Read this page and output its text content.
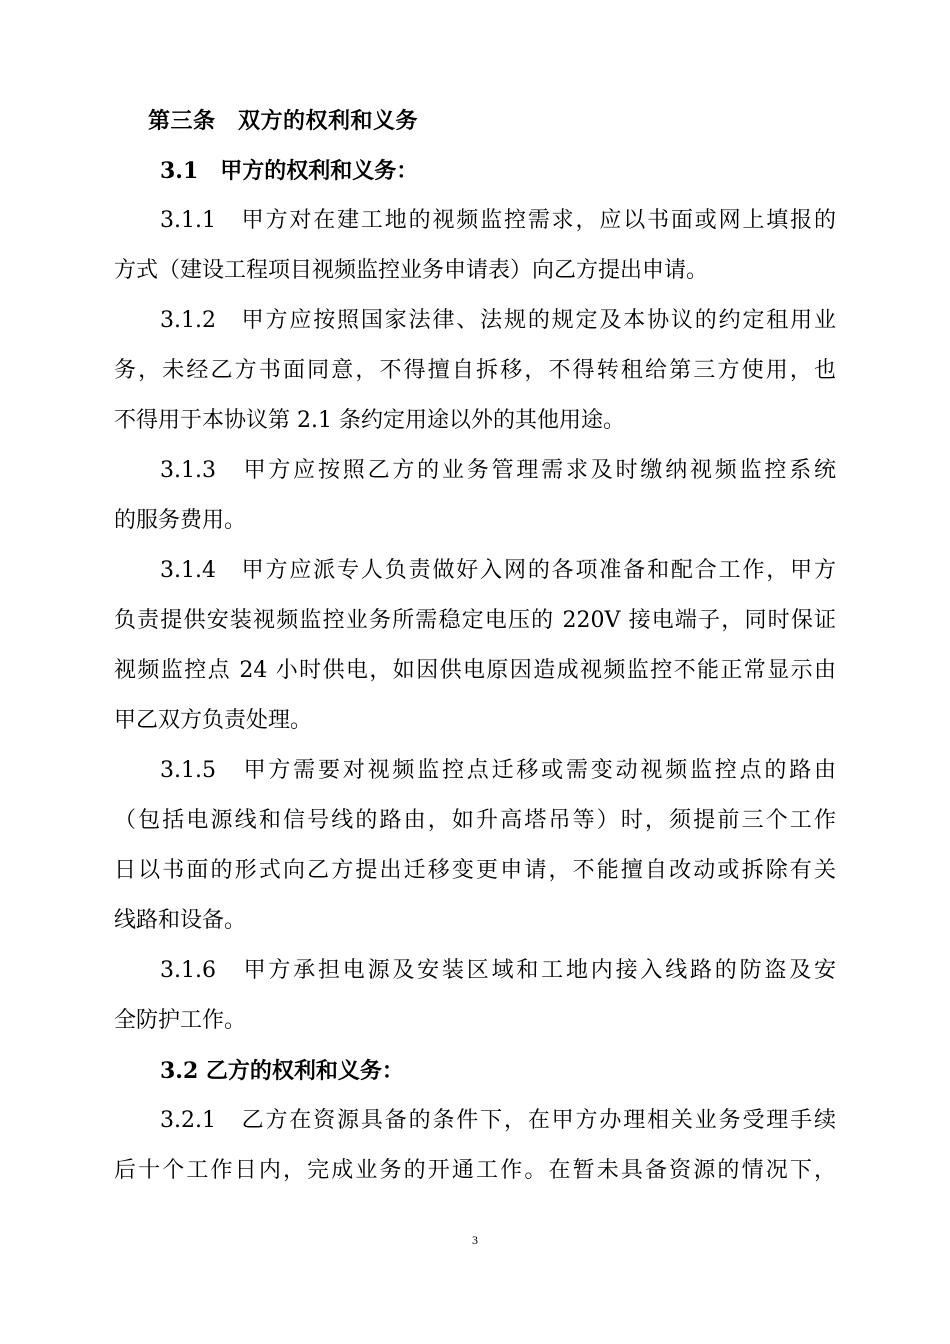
第三条　双方的权利和义务
3.1　甲方的权利和义务：
3.1.1　甲方对在建工地的视频监控需求，应以书面或网上填报的
方式（建设工程项目视频监控业务申请表）向乙方提出申请。
3.1.2　甲方应按照国家法律、法规的规定及本协议的约定租用业
务，未经乙方书面同意，不得擅自拆移，不得转租给第三方使用，也
不得用于本协议第 2.1 条约定用途以外的其他用途。
3.1.3　甲方应按照乙方的业务管理需求及时缴纳视频监控系统
的服务费用。
3.1.4　甲方应派专人负责做好入网的各项准备和配合工作，甲方
负责提供安装视频监控业务所需稳定电压的 220V 接电端子，同时保证
视频监控点 24 小时供电，如因供电原因造成视频监控不能正常显示由
甲乙双方负责处理。
3.1.5　甲方需要对视频监控点迁移或需变动视频监控点的路由
（包括电源线和信号线的路由，如升高塔吊等）时，须提前三个工作
日以书面的形式向乙方提出迁移变更申请，不能擅自改动或拆除有关
线路和设备。
3.1.6　甲方承担电源及安装区域和工地内接入线路的防盗及安
全防护工作。
3.2 乙方的权利和义务：
3.2.1　乙方在资源具备的条件下，在甲方办理相关业务受理手续
后十个工作日内，完成业务的开通工作。在暂未具备资源的情况下，
3
